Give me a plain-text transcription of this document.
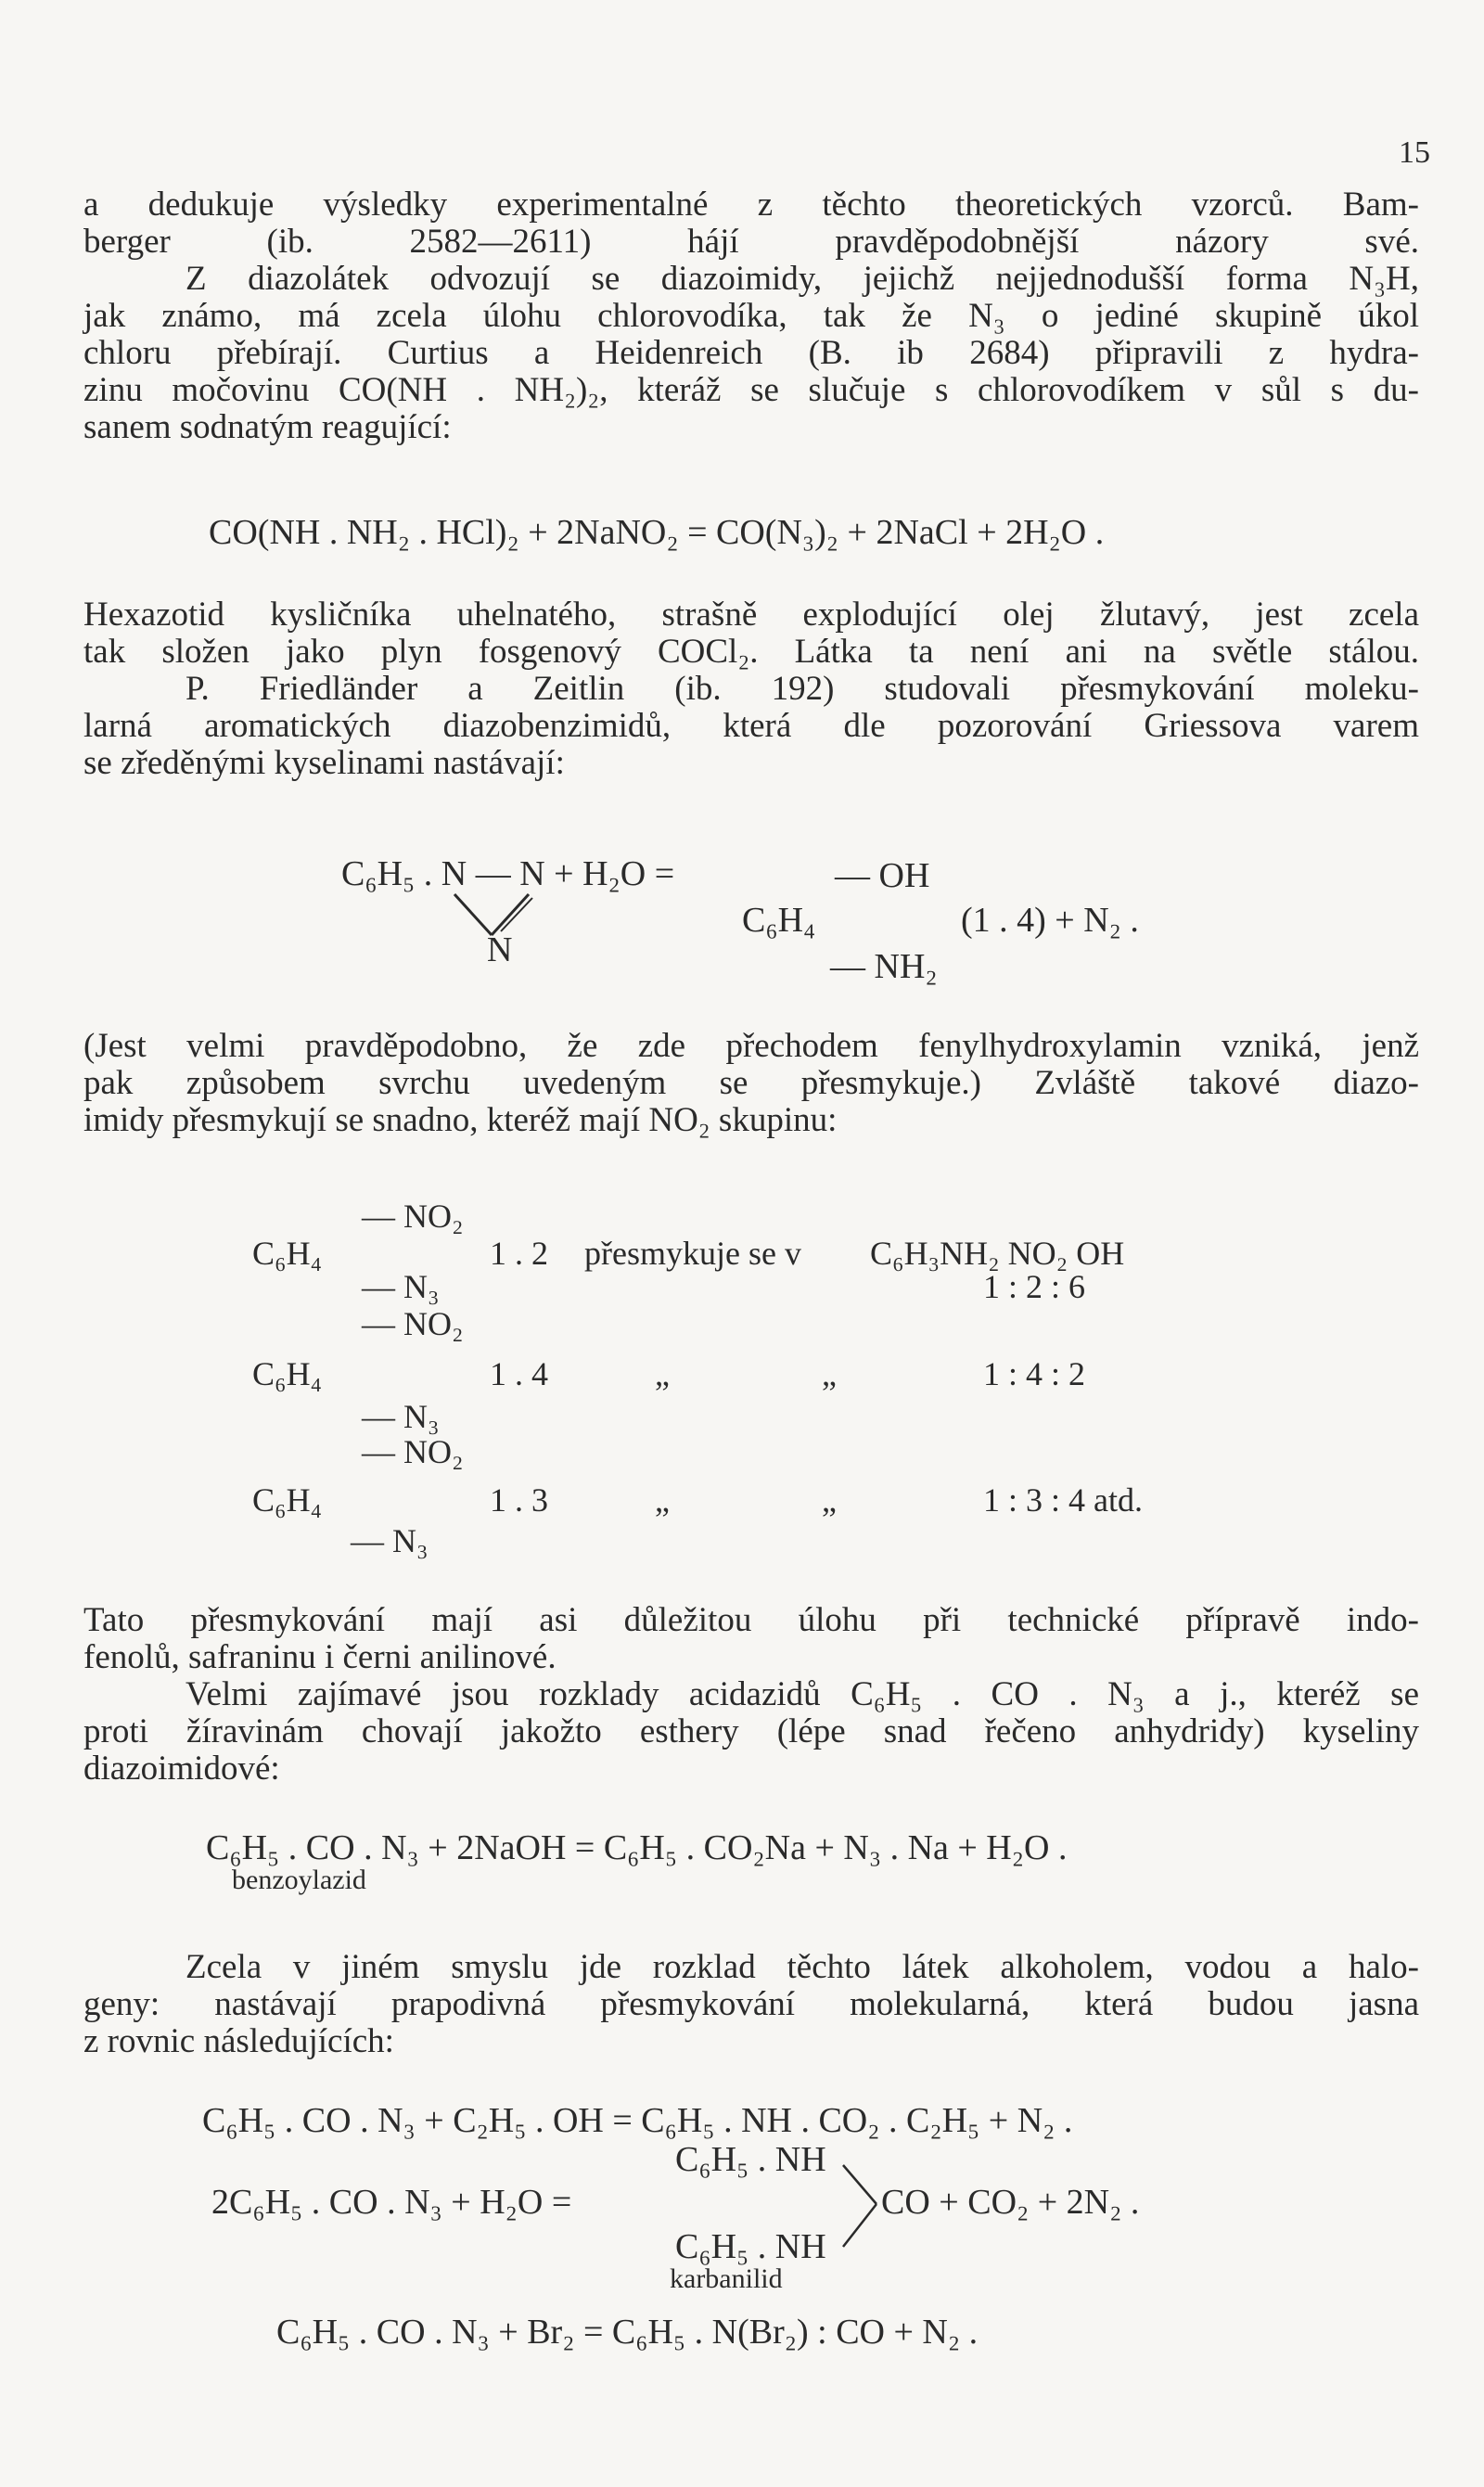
15
a dedukuje výsledky experimentalné z těchto theoretických vzorců. Bam-
berger (ib. 2582—2611) hájí pravděpodobnější názory své.
Z diazolátek odvozují se diazoimidy, jejichž nejjednodušší forma N₃H,
jak známo, má zcela úlohu chlorovodíka, tak že N₃ o jediné skupině úkol
chloru přebírají. Curtius a Heidenreich (B. ib 2684) připravili z hydra-
zinu močovinu CO(NH . NH₂)₂, kteráž se slučuje s chlorovodíkem v sůl s du-
sanem sodnatým reagující:
CO(NH . NH₂ . HCl)₂ + 2NaNO₂ = CO(N₃)₂ + 2NaCl + 2H₂O .
Hexazotid kysličníka uhelnatého, strašně explodující olej žlutavý, jest zcela
tak složen jako plyn fosgenový COCl₂. Látka ta není ani na světle stálou.
P. Friedländer a Zeitlin (ib. 192) studovali přesmykování moleku-
larná aromatických diazobenzimidů, která dle pozorování Griessova varem
se zředěnými kyselinami nastávají:
C₆H₅ . N — N + H₂O =
N
— OH
C₆H₄	(1 . 4) + N₂ .
— NH₂
(Jest velmi pravděpodobno, že zde přechodem fenylhydroxylamin vzniká, jenž
pak způsobem svrchu uvedeným se přesmykuje.) Zvláště takové diazo-
imidy přesmykují se snadno, kteréž mají NO₂ skupinu:
— NO₂
C₆H₄	1 . 2 přesmykuje se v C₆H₃NH₂ NO₂ OH
— N₃	1 : 2 : 6
— NO₂
C₆H₄	1 . 4	„	„	1 : 4 : 2
— N₃
— NO₂
C₆H₄	1 . 3	„	„	1 : 3 : 4 atd.
— N₃
Tato přesmykování mají asi důležitou úlohu při technické přípravě indo-
fenolů, safraninu i černi anilinové.
Velmi zajímavé jsou rozklady acidazidů C₆H₅ . CO . N₃ a j., kteréž se
proti žíravinám chovají jakožto esthery (lépe snad řečeno anhydridy) kyseliny
diazoimidové:
C₆H₅ . CO . N₃ + 2NaOH = C₆H₅ . CO₂Na + N₃ . Na + H₂O .
benzoylazid
Zcela v jiném smyslu jde rozklad těchto látek alkoholem, vodou a halo-
geny: nastávají prapodivná přesmykování molekularná, která budou jasna
z rovnic následujících:
C₆H₅ . CO . N₃ + C₂H₅ . OH = C₆H₅ . NH . CO₂ . C₂H₅ + N₂ .
C₆H₅ . NH
2C₆H₅ . CO . N₃ + H₂O =	CO + CO₂ + 2N₂ .
C₆H₅ . NH
karbanilid
C₆H₅ . CO . N₃ + Br₂ = C₆H₅ . N(Br₂) : CO + N₂ .
